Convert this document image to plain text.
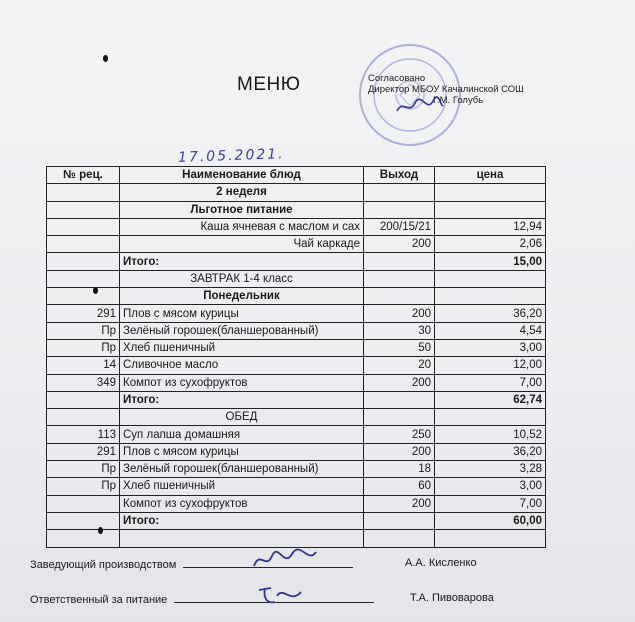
МЕНЮ	Согласовано
Директор МБОУ Качалинской СОШ
Г.М. Голубь
17.05.2021.
№ рец.	Наименование блюд	Выход	цена
	2 неделя		
	Льготное питание		
	Каша ячневая с маслом и сах	200/15/21	12,94
	Чай каркаде	200	2,06
	Итого:		15,00
	ЗАВТРАК 1-4 класс		
	Понедельник		
291	Плов с мясом курицы	200	36,20
Пр	Зелёный горошек(бланшерованный)	30	4,54
Пр	Хлеб пшеничный	50	3,00
14	Сливочное масло	20	12,00
349	Компот из сухофруктов	200	7,00
	Итого:		62,74
	ОБЕД		
113	Суп лапша домашняя	250	10,52
291	Плов с мясом курицы	200	36,20
Пр	Зелёный горошек(бланшерованный)	18	3,28
Пр	Хлеб пшеничный	60	3,00
	Компот из сухофруктов	200	7,00
	Итого:		60,00

Заведующий производством	А.А. Кисленко
Ответственный за питание	Т.А. Пивоварова
